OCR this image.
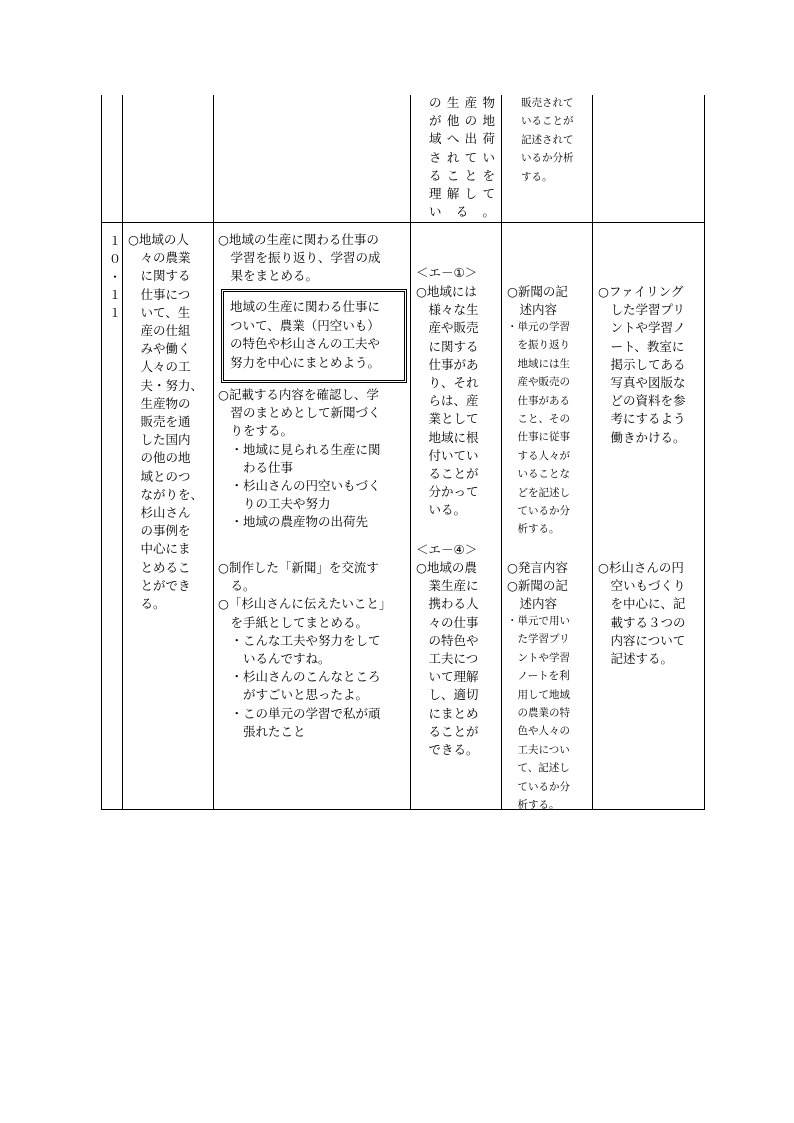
の生産物
が他の地
域へ出荷
されてい
ることを
理解して
いる。
販売されて
いることが
記述されて
いるか分析
する。
１
０
・
１
１
○地域の人
　々の農業
　に関する
　仕事につ
　いて、生
　産の仕組
　みや働く
　人々の工
　夫・努力、
　生産物の
　販売を通
　した国内
　の他の地
　域とのつ
　ながりを、
　杉山さん
　の事例を
　中心にま
　とめるこ
　とができ
　る。
○地域の生産に関わる仕事の
　学習を振り返り、学習の成
　果をまとめる。
地域の生産に関わる仕事に
ついて、農業（円空いも）
の特色や杉山さんの工夫や
努力を中心にまとめよう。
○記載する内容を確認し、学
　習のまとめとして新聞づく
　りをする。
　・地域に見られる生産に関
　　わる仕事
　・杉山さんの円空いもづく
　　りの工夫や努力
　・地域の農産物の出荷先
○制作した「新聞」を交流す
　る。
○「杉山さんに伝えたいこと」
　を手紙としてまとめる。
　・こんな工夫や努力をして
　　いるんですね。
　・杉山さんのこんなところ
　　がすごいと思ったよ。
　・この単元の学習で私が頑
　　張れたこと
＜エ－①＞
○地域には
　様々な生
　産や販売
　に関する
　仕事があ
　り、それ
　らは、産
　業として
　地域に根
　付いてい
　ることが
　分かって
　いる。
＜エ－④＞
○地域の農
　業生産に
　携わる人
　々の仕事
　の特色や
　工夫につ
　いて理解
　し、適切
　にまとめ
　ることが
　できる。
○新聞の記
　述内容
・単元の学習
　を振り返り
　地域には生
　産や販売の
　仕事がある
　こと、その
　仕事に従事
　する人々が
　いることな
　どを記述し
　ているか分
　析する。
○発言内容
○新聞の記
　述内容
・単元で用い
　た学習プリ
　ントや学習
　ノートを利
　用して地域
　の農業の特
　色や人々の
　工夫につい
　て、記述し
　ているか分
　析する。
○ファイリング
　した学習プリ
　ントや学習ノ
　ート、教室に
　掲示してある
　写真や図版な
　どの資料を参
　考にするよう
　働きかける。
○杉山さんの円
　空いもづくり
　を中心に、記
　載する３つの
　内容について
　記述する。
